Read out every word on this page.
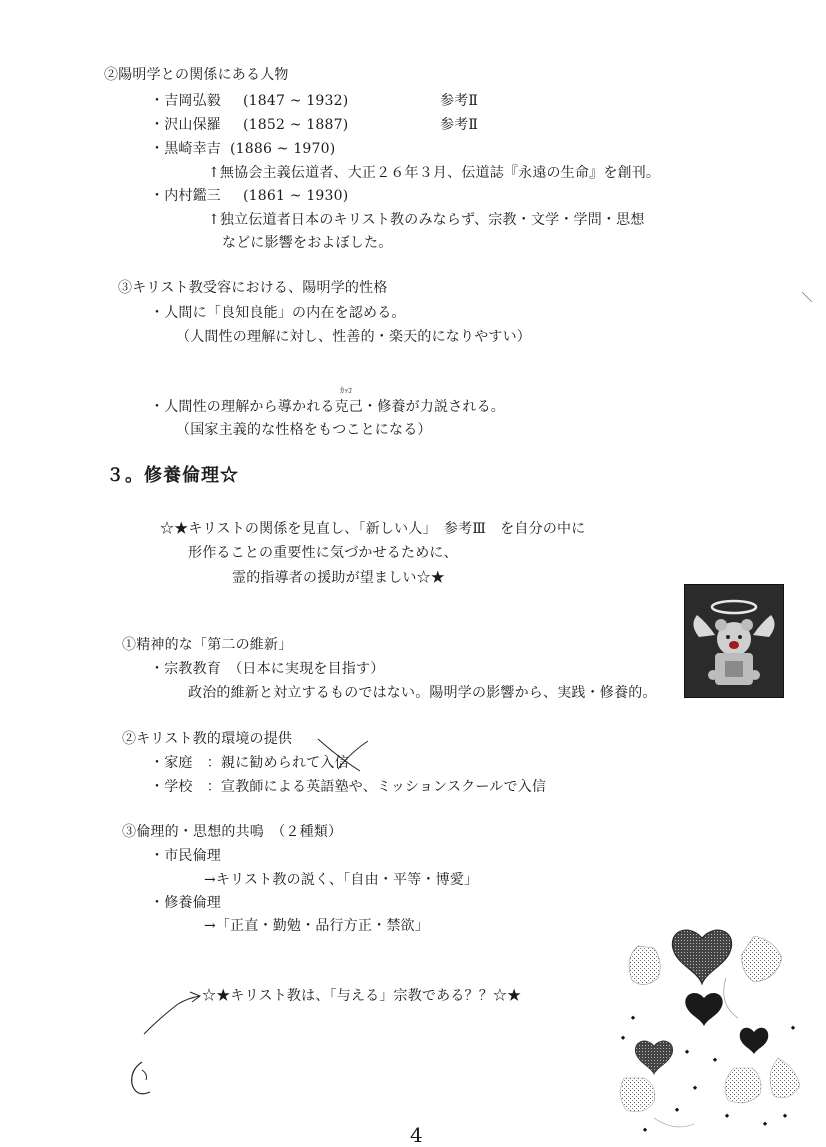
②陽明学との関係にある人物
・吉岡弘毅 (1847 ~ 1932)	参考Ⅱ
・沢山保羅 (1852 ~ 1887)	参考Ⅱ
・黒崎幸吉 (1886 ~ 1970)
↑無協会主義伝道者、大正２６年３月、伝道誌『永遠の生命』を創刊。
・内村鑑三 (1861 ~ 1930)
↑独立伝道者日本のキリスト教のみならず、宗教・文学・学問・思想
などに影響をおよぼした。
③キリスト教受容における、陽明学的性格
・人間に「良知良能」の内在を認める。
（人間性の理解に対し、性善的・楽天的になりやすい）
ｶｯｺ
・人間性の理解から導かれる克己・修養が力説される。
（国家主義的な性格をもつことになる）
３。修養倫理☆
☆★キリストの関係を見直し、「新しい人」　参考Ⅲ　を自分の中に
形作ることの重要性に気づかせるために、
霊的指導者の援助が望ましい☆★
①精神的な「第二の維新」
・宗教教育　（日本に実現を目指す）
政治的維新と対立するものではない。陽明学の影響から、実践・修養的。
②キリスト教的環境の提供
・家庭　：親に勧められて入信
・学校　：宣教師による英語塾や、ミッションスクールで入信
③倫理的・思想的共鳴　（２種類）
・市民倫理
→キリスト教の説く、「自由・平等・博愛」
・修養倫理
→「正直・勤勉・品行方正・禁欲」
☆★キリスト教は、「与える」宗教である？？☆★
4
